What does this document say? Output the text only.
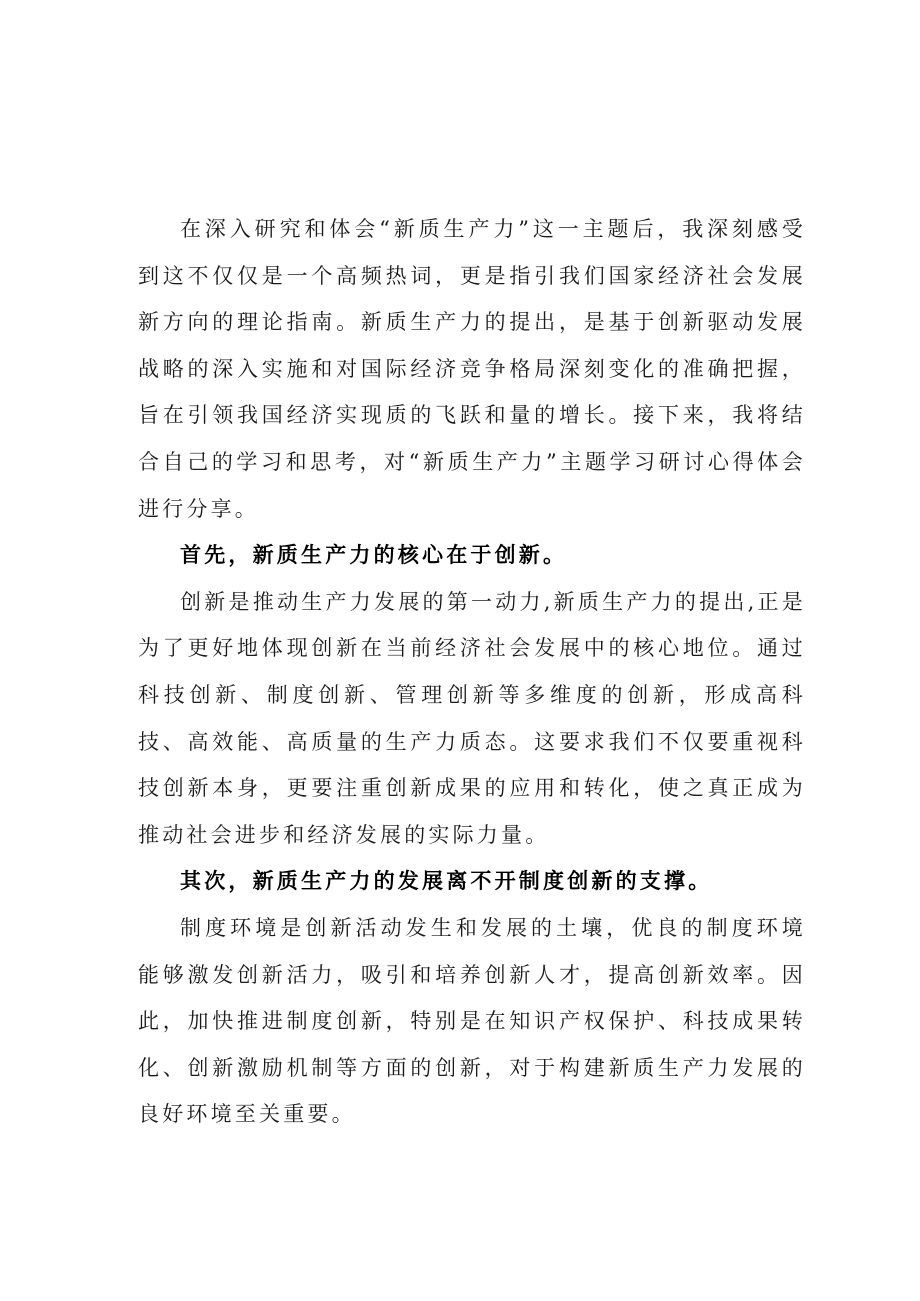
在深入研究和体会“新质生产力”这一主题后，我深刻感受到这不仅仅是一个高频热词，更是指引我们国家经济社会发展新方向的理论指南。新质生产力的提出，是基于创新驱动发展战略的深入实施和对国际经济竞争格局深刻变化的准确把握，旨在引领我国经济实现质的飞跃和量的增长。接下来，我将结合自己的学习和思考，对“新质生产力”主题学习研讨心得体会进行分享。

首先，新质生产力的核心在于创新。

创新是推动生产力发展的第一动力,新质生产力的提出,正是为了更好地体现创新在当前经济社会发展中的核心地位。通过科技创新、制度创新、管理创新等多维度的创新，形成高科技、高效能、高质量的生产力质态。这要求我们不仅要重视科技创新本身，更要注重创新成果的应用和转化，使之真正成为推动社会进步和经济发展的实际力量。

其次，新质生产力的发展离不开制度创新的支撑。

制度环境是创新活动发生和发展的土壤，优良的制度环境能够激发创新活力，吸引和培养创新人才，提高创新效率。因此，加快推进制度创新，特别是在知识产权保护、科技成果转化、创新激励机制等方面的创新，对于构建新质生产力发展的良好环境至关重要。
